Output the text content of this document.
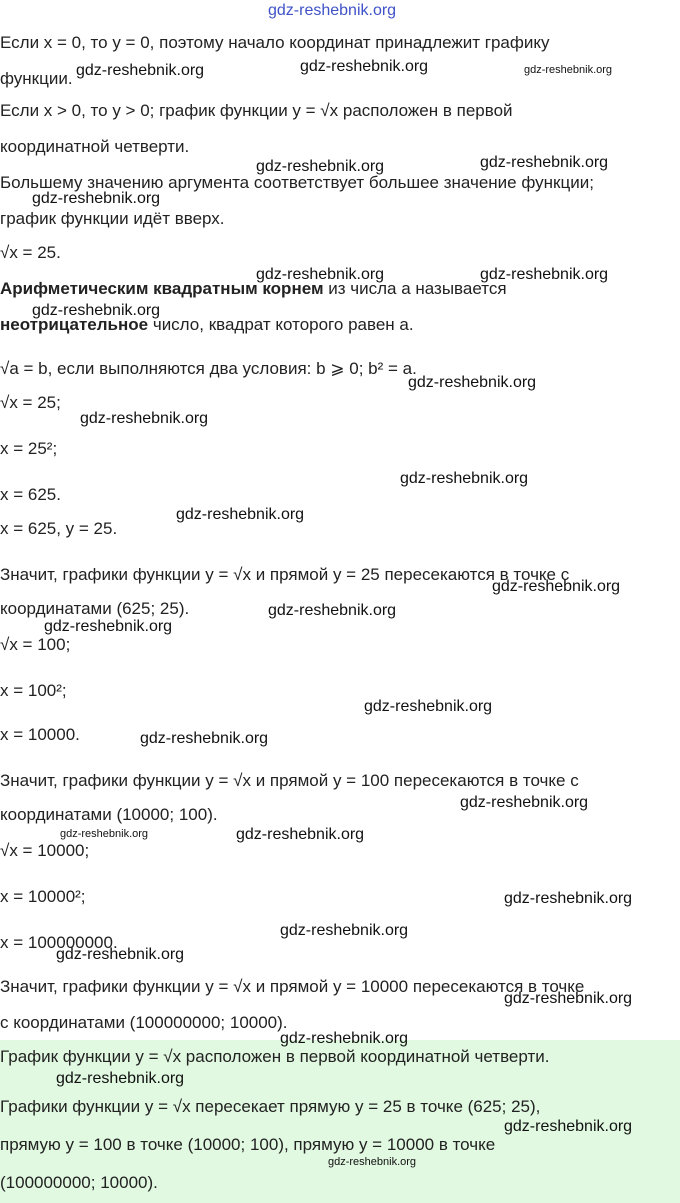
Если x = 0, то y = 0, поэтому начало координат принадлежит графику
функции.
Если x > 0, то y > 0; график функции y = √x расположен в первой
координатной четверти.
Большему значению аргумента соответствует большее значение функции;
график функции идёт вверх.
√x = 25.
Арифметическим квадратным корнем из числа a называется
неотрицательное число, квадрат которого равен a.
√a = b, если выполняются два условия: b ⩾ 0; b² = a.
√x = 25;
x = 25²;
x = 625.
x = 625, y = 25.
Значит, графики функции y = √x и прямой y = 25 пересекаются в точке с
координатами (625; 25).
√x = 100;
x = 100²;
x = 10000.
Значит, графики функции y = √x и прямой y = 100 пересекаются в точке с
координатами (10000; 100).
√x = 10000;
x = 10000²;
x = 100000000.
Значит, графики функции y = √x и прямой y = 10000 пересекаются в точке
с координатами (100000000; 10000).
График функции y = √x расположен в первой координатной четверти.
Графики функции y = √x пересекает прямую y = 25 в точке (625; 25),
прямую y = 100 в точке (10000; 100), прямую y = 10000 в точке
(100000000; 10000).
gdz-reshebnik.org
gdz-reshebnik.org	gdz-reshebnik.org	gdz-reshebnik.org
gdz-reshebnik.org	gdz-reshebnik.org
gdz-reshebnik.org
gdz-reshebnik.org	gdz-reshebnik.org
gdz-reshebnik.org
gdz-reshebnik.org
gdz-reshebnik.org
gdz-reshebnik.org
gdz-reshebnik.org
gdz-reshebnik.org
gdz-reshebnik.org
gdz-reshebnik.org
gdz-reshebnik.org
gdz-reshebnik.org
gdz-reshebnik.org
gdz-reshebnik.org	gdz-reshebnik.org
gdz-reshebnik.org
gdz-reshebnik.org
gdz-reshebnik.org
gdz-reshebnik.org
gdz-reshebnik.org
gdz-reshebnik.org
gdz-reshebnik.org
gdz-reshebnik.org
